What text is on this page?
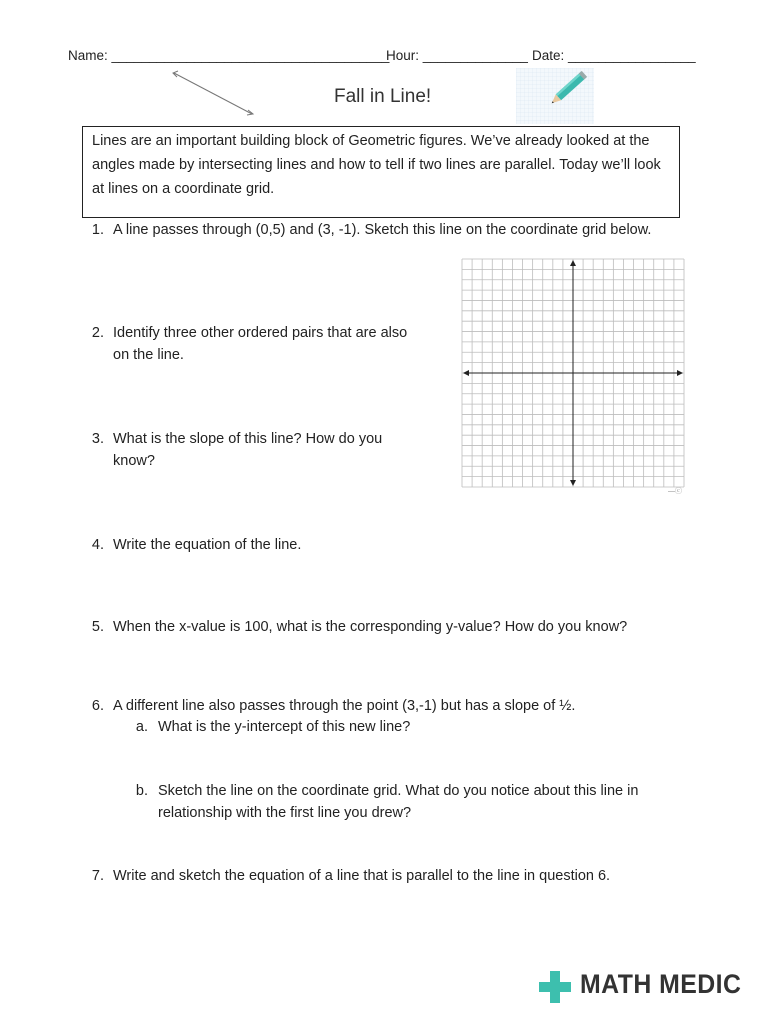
Name: _____________________________________
Hour: ______________ Date: _________________
Fall in Line!
Lines are an important building block of Geometric figures. We’ve already looked at the angles made by intersecting lines and how to tell if two lines are parallel. Today we’ll look at lines on a coordinate grid.
1. A line passes through (0,5) and (3, -1). Sketch this line on the coordinate grid below.
2. Identify three other ordered pairs that are also
on the line.
3. What is the slope of this line? How do you
know?
4. Write the equation of the line.
5. When the x-value is 100, what is the corresponding y-value? How do you know?
6. A different line also passes through the point (3,-1) but has a slope of ½.
a. What is the y-intercept of this new line?
b. Sketch the line on the coordinate grid. What do you notice about this line in
relationship with the first line you drew?
7. Write and sketch the equation of a line that is parallel to the line in question 6.
—ⓒ
MATH MEDIC
